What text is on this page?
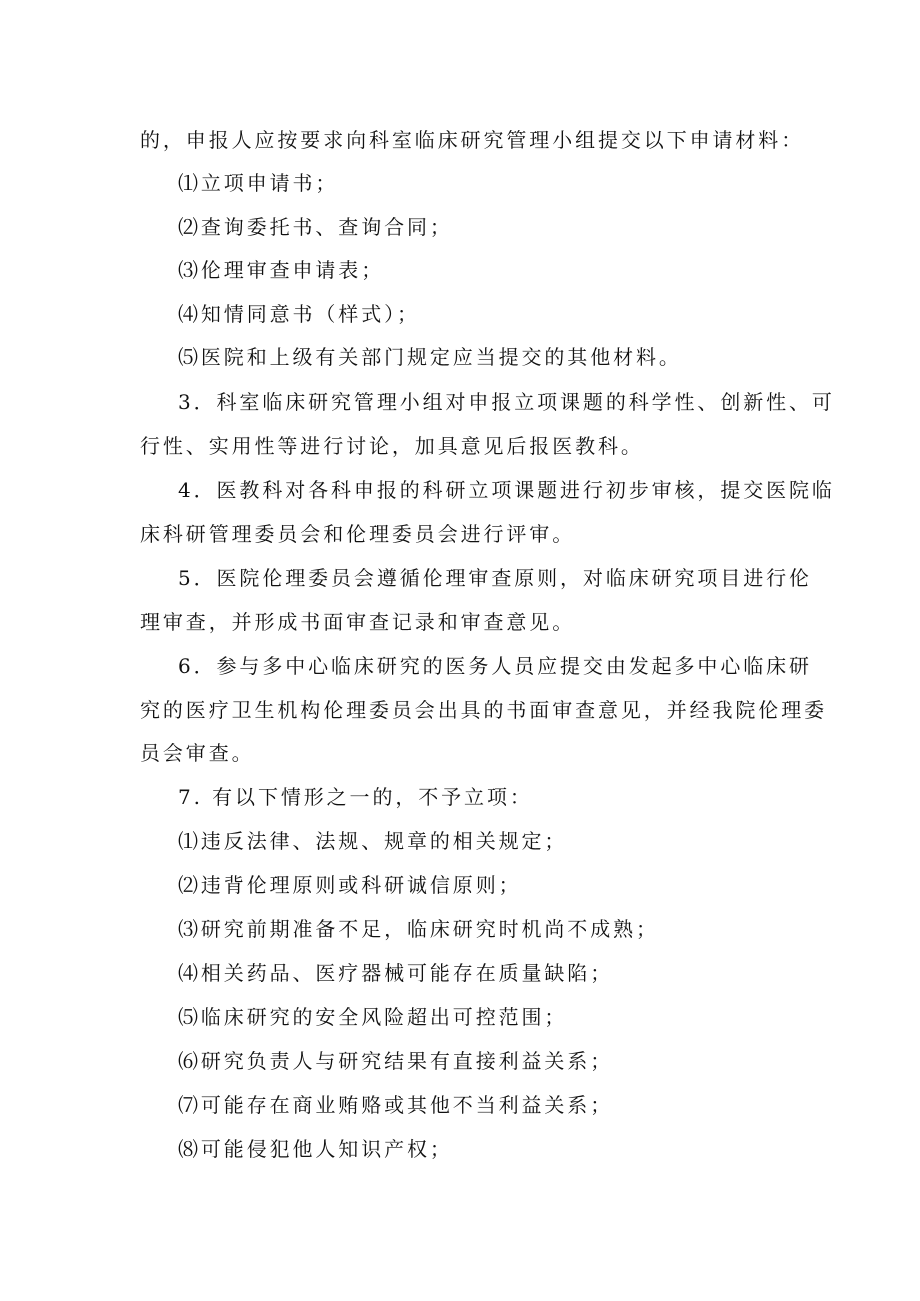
的，申报人应按要求向科室临床研究管理小组提交以下申请材料：
⑴立项申请书；
⑵查询委托书、查询合同；
⑶伦理审查申请表；
⑷知情同意书（样式）；
⑸医院和上级有关部门规定应当提交的其他材料。
3．科室临床研究管理小组对申报立项课题的科学性、创新性、可
行性、实用性等进行讨论，加具意见后报医教科。
4．医教科对各科申报的科研立项课题进行初步审核，提交医院临
床科研管理委员会和伦理委员会进行评审。
5．医院伦理委员会遵循伦理审查原则，对临床研究项目进行伦
理审查，并形成书面审查记录和审查意见。
6．参与多中心临床研究的医务人员应提交由发起多中心临床研
究的医疗卫生机构伦理委员会出具的书面审查意见，并经我院伦理委
员会审查。
7. 有以下情形之一的，不予立项：
⑴违反法律、法规、规章的相关规定；
⑵违背伦理原则或科研诚信原则；
⑶研究前期准备不足，临床研究时机尚不成熟；
⑷相关药品、医疗器械可能存在质量缺陷；
⑸临床研究的安全风险超出可控范围；
⑹研究负责人与研究结果有直接利益关系；
⑺可能存在商业贿赂或其他不当利益关系；
⑻可能侵犯他人知识产权；
